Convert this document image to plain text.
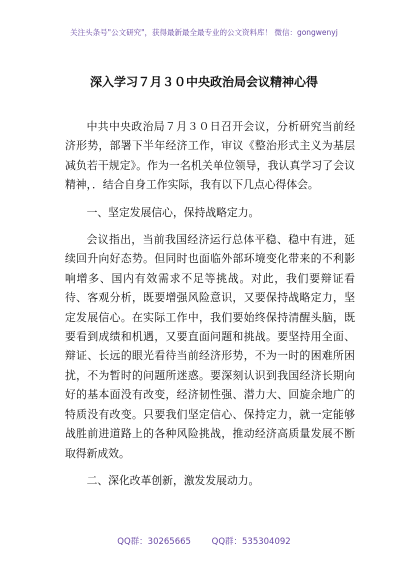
关注头条号"公文研究"，获得最新最全最专业的公文资料库！ 微信：gongwenyj
深入学习７月３０中央政治局会议精神心得

中共中央政治局７月３０日召开会议，分析研究当前经济形势，部署下半年经济工作，审议《整治形式主义为基层减负若干规定》。作为一名机关单位领导，我认真学习了会议精神，．结合自身工作实际，我有以下几点心得体会。

一、坚定发展信心，保持战略定力。

会议指出，当前我国经济运行总体平稳、稳中有进，延续回升向好态势。但同时也面临外部环境变化带来的不利影响增多、国内有效需求不足等挑战。对此，我们要辩证看待、客观分析，既要增强风险意识，又要保持战略定力，坚定发展信心。在实际工作中，我们要始终保持清醒头脑，既要看到成绩和机遇，又要直面问题和挑战。要坚持用全面、辩证、长远的眼光看待当前经济形势，不为一时的困难所困扰，不为暂时的问题所迷惑。要深刻认识到我国经济长期向好的基本面没有改变，经济韧性强、潜力大、回旋余地广的特质没有改变。只要我们坚定信心、保持定力，就一定能够战胜前进道路上的各种风险挑战，推动经济高质量发展不断取得新成效。

二、深化改革创新，激发发展动力。

QQ群：30265665 QQ群：535304092
